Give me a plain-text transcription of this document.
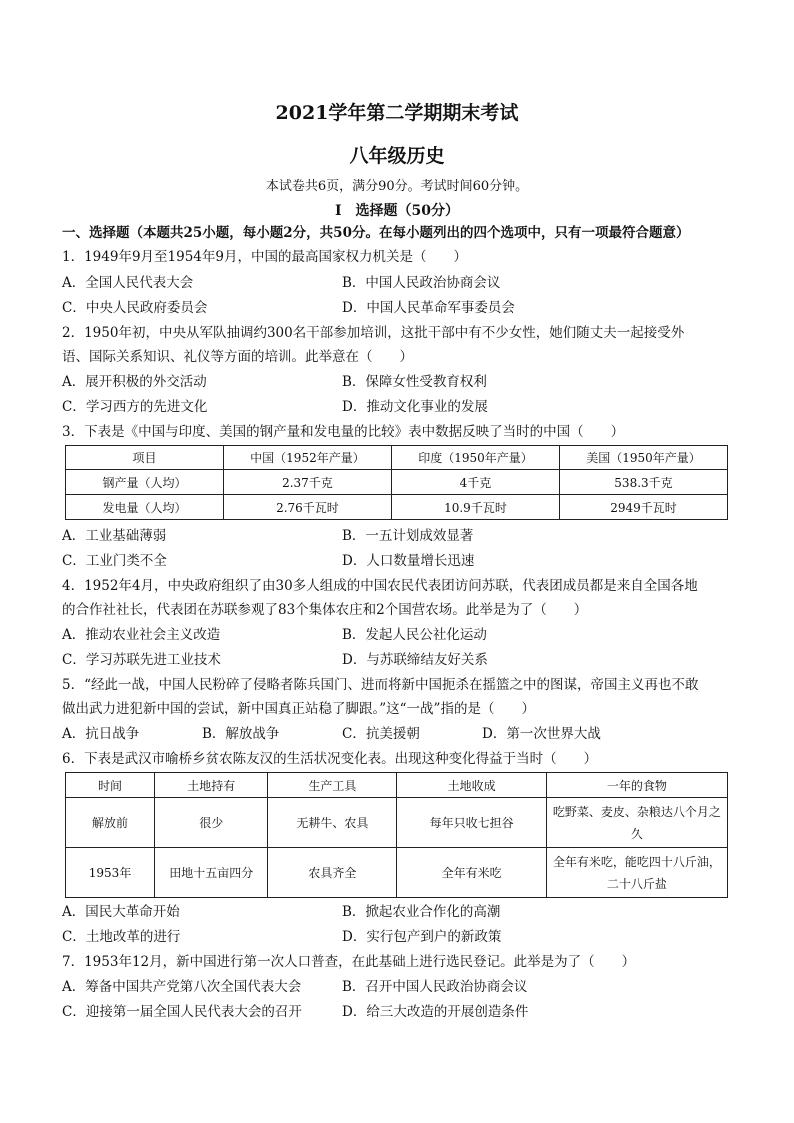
2021学年第二学期期末考试
八年级历史
本试卷共6页，满分90分。考试时间60分钟。
Ⅰ　选择题（50分）
一、选择题（本题共25小题，每小题2分，共50分。在每小题列出的四个选项中，只有一项最符合题意）
1．1949年9月至1954年9月，中国的最高国家权力机关是（　　）
A．全国人民代表大会	B．中国人民政治协商会议
C．中央人民政府委员会	D．中国人民革命军事委员会
2．1950年初，中央从军队抽调约300名干部参加培训，这批干部中有不少女性，她们随丈夫一起接受外
语、国际关系知识、礼仪等方面的培训。此举意在（　　）
A．展开积极的外交活动	B．保障女性受教育权利
C．学习西方的先进文化	D．推动文化事业的发展
3．下表是《中国与印度、美国的钢产量和发电量的比较》表中数据反映了当时的中国（　　）
项目	中国（1952年产量）	印度（1950年产量）	美国（1950年产量）
钢产量（人均）	2.37千克	4千克	538.3千克
发电量（人均）	2.76千瓦时	10.9千瓦时	2949千瓦时
A．工业基础薄弱	B．一五计划成效显著
C．工业门类不全	D．人口数量增长迅速
4．1952年4月，中央政府组织了由30多人组成的中国农民代表团访问苏联，代表团成员都是来自全国各地
的合作社社长，代表团在苏联参观了83个集体农庄和2个国营农场。此举是为了（　　）
A．推动农业社会主义改造	B．发起人民公社化运动
C．学习苏联先进工业技术	D．与苏联缔结友好关系
5．“经此一战，中国人民粉碎了侵略者陈兵国门、进而将新中国扼杀在摇篮之中的图谋，帝国主义再也不敢
做出武力进犯新中国的尝试，新中国真正站稳了脚跟。”这“一战”指的是（　　）
A．抗日战争	B．解放战争	C．抗美援朝	D．第一次世界大战
6．下表是武汉市喻桥乡贫农陈友汉的生活状况变化表。出现这种变化得益于当时（　　）
时间	土地持有	生产工具	土地收成	一年的食物
解放前	很少	无耕牛、农具	每年只收七担谷	吃野菜、麦皮、杂粮达八个月之久
1953年	田地十五亩四分	农具齐全	全年有米吃	全年有米吃，能吃四十八斤油，二十八斤盐
A．国民大革命开始	B．掀起农业合作化的高潮
C．土地改革的进行	D．实行包产到户的新政策
7．1953年12月，新中国进行第一次人口普查，在此基础上进行选民登记。此举是为了（　　）
A．筹备中国共产党第八次全国代表大会	B．召开中国人民政治协商会议
C．迎接第一届全国人民代表大会的召开	D．给三大改造的开展创造条件
